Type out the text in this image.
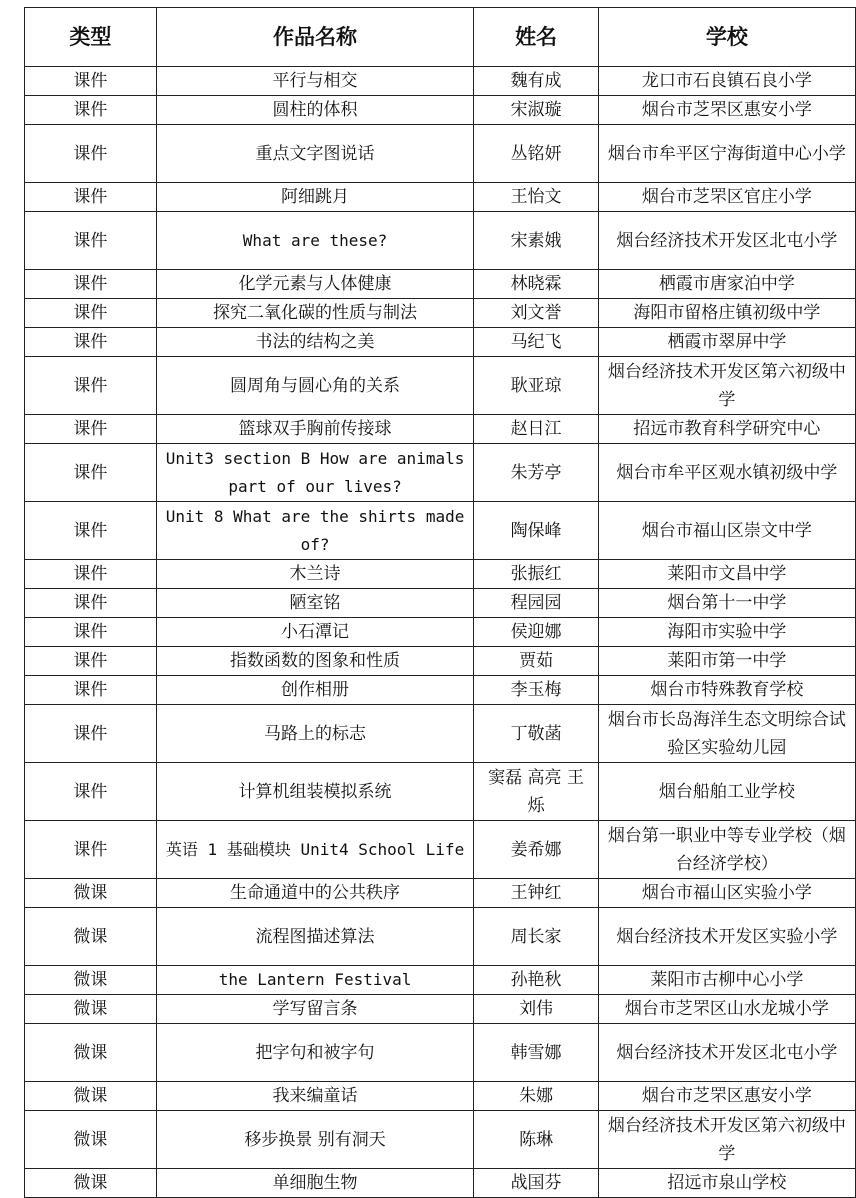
类型	作品名称	姓名	学校
课件	平行与相交	魏有成	龙口市石良镇石良小学
课件	圆柱的体积	宋淑璇	烟台市芝罘区惠安小学
课件	重点文字图说话	丛铭妍	烟台市牟平区宁海街道中心小学
课件	阿细跳月	王怡文	烟台市芝罘区官庄小学
课件	What are these?	宋素娥	烟台经济技术开发区北屯小学
课件	化学元素与人体健康	林晓霖	栖霞市唐家泊中学
课件	探究二氧化碳的性质与制法	刘文誉	海阳市留格庄镇初级中学
课件	书法的结构之美	马纪飞	栖霞市翠屏中学
课件	圆周角与圆心角的关系	耿亚琼	烟台经济技术开发区第六初级中学
课件	篮球双手胸前传接球	赵日江	招远市教育科学研究中心
课件	Unit3 section B How are animals part of our lives?	朱芳亭	烟台市牟平区观水镇初级中学
课件	Unit 8 What are the shirts made of?	陶保峰	烟台市福山区崇文中学
课件	木兰诗	张振红	莱阳市文昌中学
课件	陋室铭	程园园	烟台第十一中学
课件	小石潭记	侯迎娜	海阳市实验中学
课件	指数函数的图象和性质	贾茹	莱阳市第一中学
课件	创作相册	李玉梅	烟台市特殊教育学校
课件	马路上的标志	丁敬菡	烟台市长岛海洋生态文明综合试验区实验幼儿园
课件	计算机组装模拟系统	窦磊 高亮 王烁	烟台船舶工业学校
课件	英语 1 基础模块 Unit4 School Life	姜希娜	烟台第一职业中等专业学校（烟台经济学校）
微课	生命通道中的公共秩序	王钟红	烟台市福山区实验小学
微课	流程图描述算法	周长家	烟台经济技术开发区实验小学
微课	the Lantern Festival	孙艳秋	莱阳市古柳中心小学
微课	学写留言条	刘伟	烟台市芝罘区山水龙城小学
微课	把字句和被字句	韩雪娜	烟台经济技术开发区北屯小学
微课	我来编童话	朱娜	烟台市芝罘区惠安小学
微课	移步换景 别有洞天	陈琳	烟台经济技术开发区第六初级中学
微课	单细胞生物	战国芬	招远市泉山学校
